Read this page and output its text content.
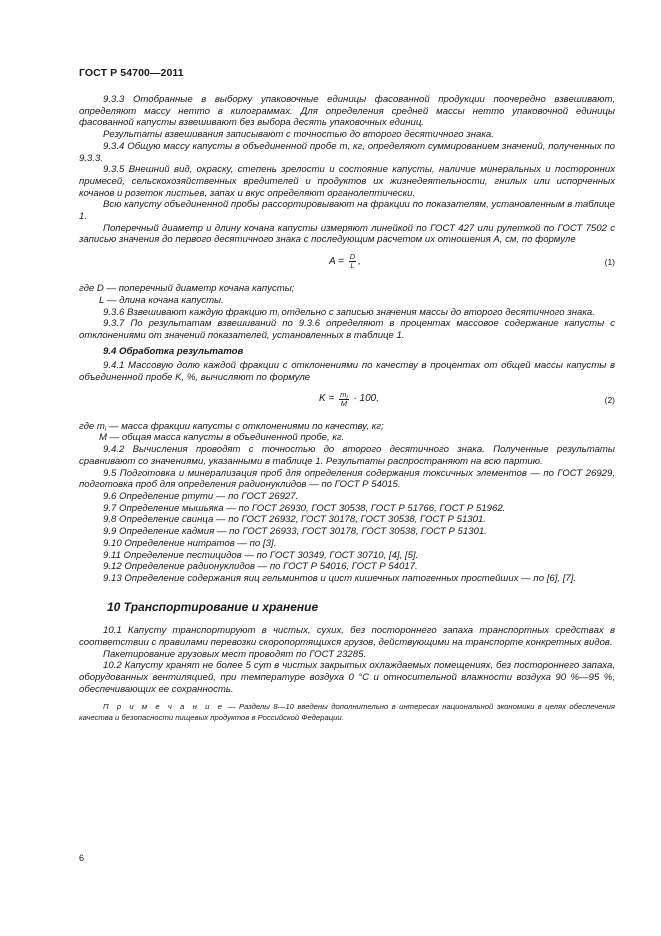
ГОСТ Р 54700—2011

9.3.3 Отобранные в выборку упаковочные единицы фасованной продукции поочередно взвешивают, определяют массу нетто в килограммах. Для определения средней массы нетто упаковочной единицы фасованной капусты взвешивают без выбора десять упаковочных единиц.

Результаты взвешивания записывают с точностью до второго десятичного знака.

9.3.4 Общую массу капусты в объединенной пробе m, кг, определяют суммированием значений, полученных по 9.3.3.

9.3.5 Внешний вид, окраску, степень зрелости и состояние капусты, наличие минеральных и посторонних примесей, сельскохозяйственных вредителей и продуктов их жизнедеятельности, гнилых или испорченных кочанов и розеток листьев, запах и вкус определяют органолептически.

Всю капусту объединенной пробы рассортировывают на фракции по показателям, установленным в таблице 1.

Поперечный диаметр и длину кочана капусты измеряют линейкой по ГОСТ 427 или рулеткой по ГОСТ 7502 с записью значения до первого десятичного знака с последующим расчетом их отношения А, см, по формуле

A =
$\frac{D}{L}$ ,	(1)

где D — поперечный диаметр кочана капусты;

L — длина кочана капусты.

9.3.6 Взвешивают каждую фракцию $m_i$ отдельно с записью значения массы до второго десятичного знака.

9.3.7 По результатам взвешиваний по 9.3.6 определяют в процентах массовое содержание капусты с отклонениями от значений показателей, установленных в таблице 1.

9.4 Обработка результатов

9.4.1 Массовую долю каждой фракции с отклонениями по качеству в процентах от общей массы капусты в объединенной пробе K, %, вычисляют по формуле

K =
$\frac{m_i}{M}$
· 100,	(2)

где $m_i$ — масса фракции капусты с отклонениями по качеству, кг;

M — общая масса капусты в объединенной пробе, кг.

9.4.2 Вычисления проводят с точностью до второго десятичного знака. Полученные результаты сравнивают со значениями, указанными в таблице 1. Результаты распространяют на всю партию.

9.5 Подготовка и минерализация проб для определения содержания токсичных элементов — по ГОСТ 26929, подготовка проб для определения радионуклидов — по ГОСТ Р 54015.

9.6 Определение ртути — по ГОСТ 26927.

9.7 Определение мышьяка — по ГОСТ 26930, ГОСТ 30538, ГОСТ Р 51766, ГОСТ Р 51962.

9.8 Определение свинца — по ГОСТ 26932, ГОСТ 30178, ГОСТ 30538, ГОСТ Р 51301.

9.9 Определение кадмия — по ГОСТ 26933, ГОСТ 30178, ГОСТ 30538, ГОСТ Р 51301.

9.10 Определение нитратов — по [3].

9.11 Определение пестицидов — по ГОСТ 30349, ГОСТ 30710, [4], [5].

9.12 Определение радионуклидов — по ГОСТ Р 54016, ГОСТ Р 54017.

9.13 Определение содержания яиц гельминтов и цист кишечных патогенных простейших — по [6], [7].

10 Транспортирование и хранение

10.1 Капусту транспортируют в чистых, сухих, без постороннего запаха транспортных средствах в соответствии с правилами перевозки скоропортящихся грузов, действующими на транспорте конкретных видов.

Пакетирование грузовых мест проводят по ГОСТ 23285.

10.2 Капусту хранят не более 5 сут в чистых закрытых охлаждаемых помещениях, без постороннего запаха, оборудованных вентиляцией, при температуре воздуха 0 °С и относительной влажности воздуха 90 %—95 %, обеспечивающих ее сохранность.

П р и м е ч а н и е — Разделы 8—10 введены дополнительно в интересах национальной экономики в целях обеспечения качества и безопасности пищевых продуктов в Российской Федерации.

6
